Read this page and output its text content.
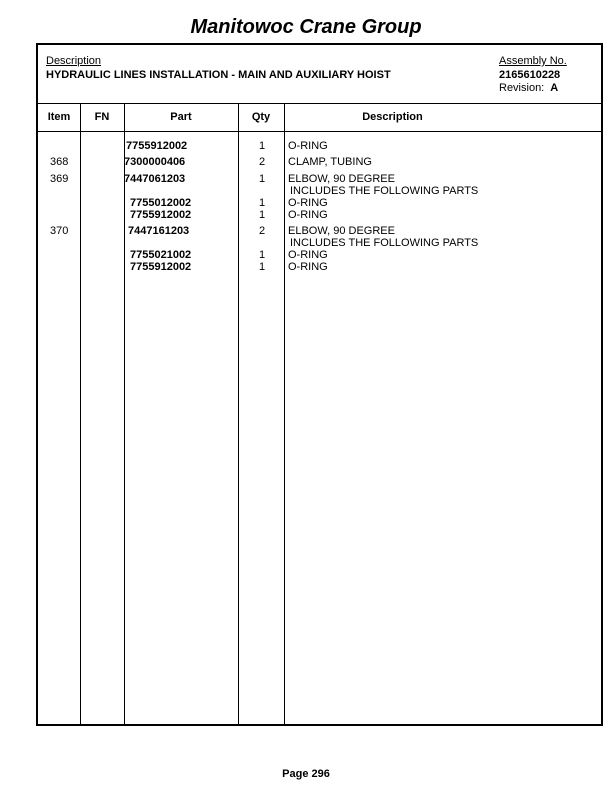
Manitowoc Crane Group
Description
HYDRAULIC LINES INSTALLATION - MAIN AND AUXILIARY HOIST
Assembly No.
2165610228
Revision: A
Item	FN	Part	Qty	Description
7755912002	1	O-RING
368	7300000406	2	CLAMP, TUBING
369	7447061203	1	ELBOW, 90 DEGREE
INCLUDES THE FOLLOWING PARTS
7755012002	1	O-RING
7755912002	1	O-RING
370	7447161203	2	ELBOW, 90 DEGREE
INCLUDES THE FOLLOWING PARTS
7755021002	1	O-RING
7755912002	1	O-RING
Page 296
